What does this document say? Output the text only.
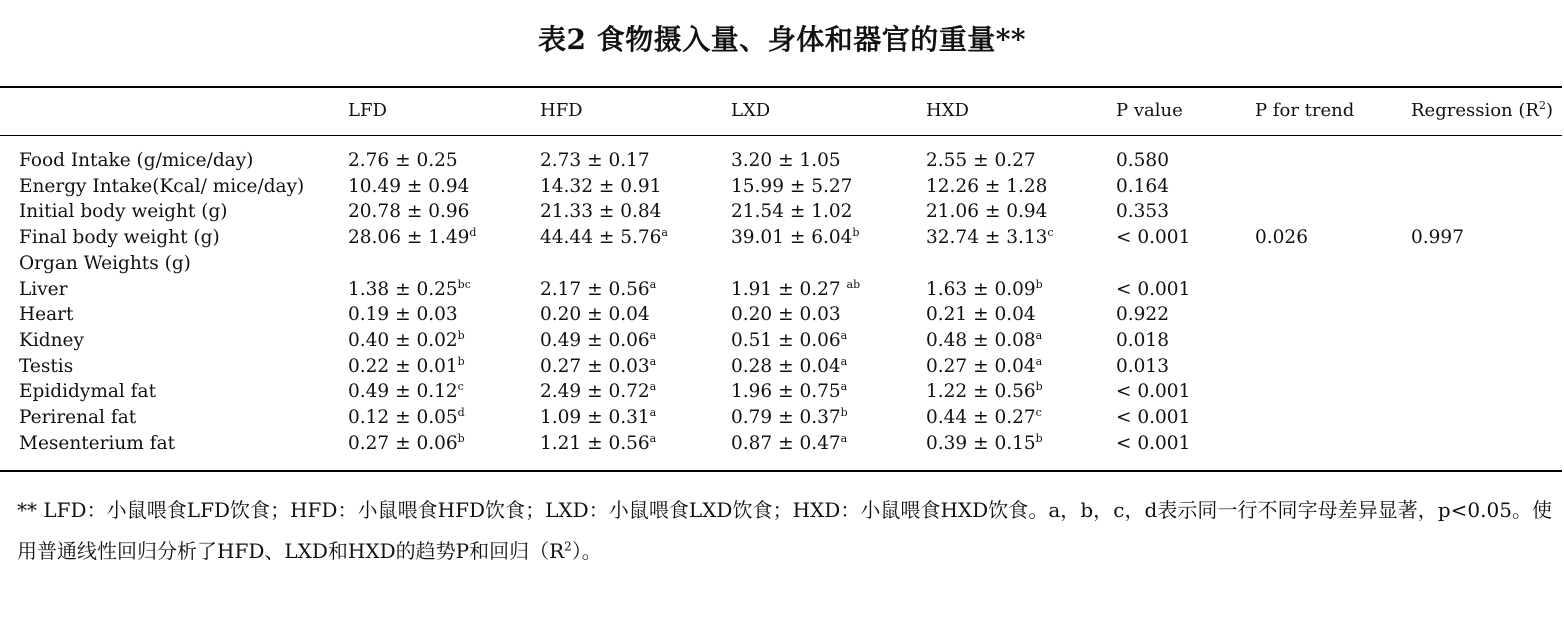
表2 食物摄入量、身体和器官的重量**
LFD	HFD	LXD	HXD	P value	P for trend	Regression $(R^2)$
Food Intake (g/mice/day)	2.76 ± 0.25	2.73 ± 0.17	3.20 ± 1.05	2.55 ± 0.27	0.580
Energy Intake(Kcal/ mice/day) 10.49 ± 0.94	14.32 ± 0.91	15.99 ± 5.27	12.26 ± 1.28	0.164
Initial body weight (g)	20.78 ± 0.96	21.33 ± 0.84	21.54 ± 1.02	21.06 ± 0.94	0.353
Final body weight (g)	28.06 ± 1.49$^d$	44.44 ± 5.76$^a$	39.01 ± 6.04$^b$	32.74 ± 3.13$^c$	< 0.001	0.026	0.997
Organ Weights (g)
Liver	1.38 ± 0.25$^{bc}$	2.17 ± 0.56$^a$	1.91 ± 0.27 $^{ab}$	1.63 ± 0.09$^b$	< 0.001
Heart	0.19 ± 0.03	0.20 ± 0.04	0.20 ± 0.03	0.21 ± 0.04	0.922
Kidney	0.40 ± 0.02$^b$	0.49 ± 0.06$^a$	0.51 ± 0.06$^a$	0.48 ± 0.08$^a$	0.018
Testis	0.22 ± 0.01$^b$	0.27 ± 0.03$^a$	0.28 ± 0.04$^a$	0.27 ± 0.04$^a$	0.013
Epididymal fat	0.49 ± 0.12$^c$	2.49 ± 0.72$^a$	1.96 ± 0.75$^a$	1.22 ± 0.56$^b$	< 0.001
Perirenal fat	0.12 ± 0.05$^d$	1.09 ± 0.31$^a$	0.79 ± 0.37$^b$	0.44 ± 0.27$^c$	< 0.001
Mesenterium fat	0.27 ± 0.06$^b$	1.21 ± 0.56$^a$	0.87 ± 0.47$^a$	0.39 ± 0.15$^b$	< 0.001
** LFD：小鼠喂食LFD饮食；HFD：小鼠喂食HFD饮食；LXD：小鼠喂食LXD饮食；HXD：小鼠喂食HXD饮食。a，b，c，d表示同一行不同字母差异显著，p<0.05。使用普通线性回归分析了HFD、LXD和HXD的趋势P和回归$(R^2)$。
